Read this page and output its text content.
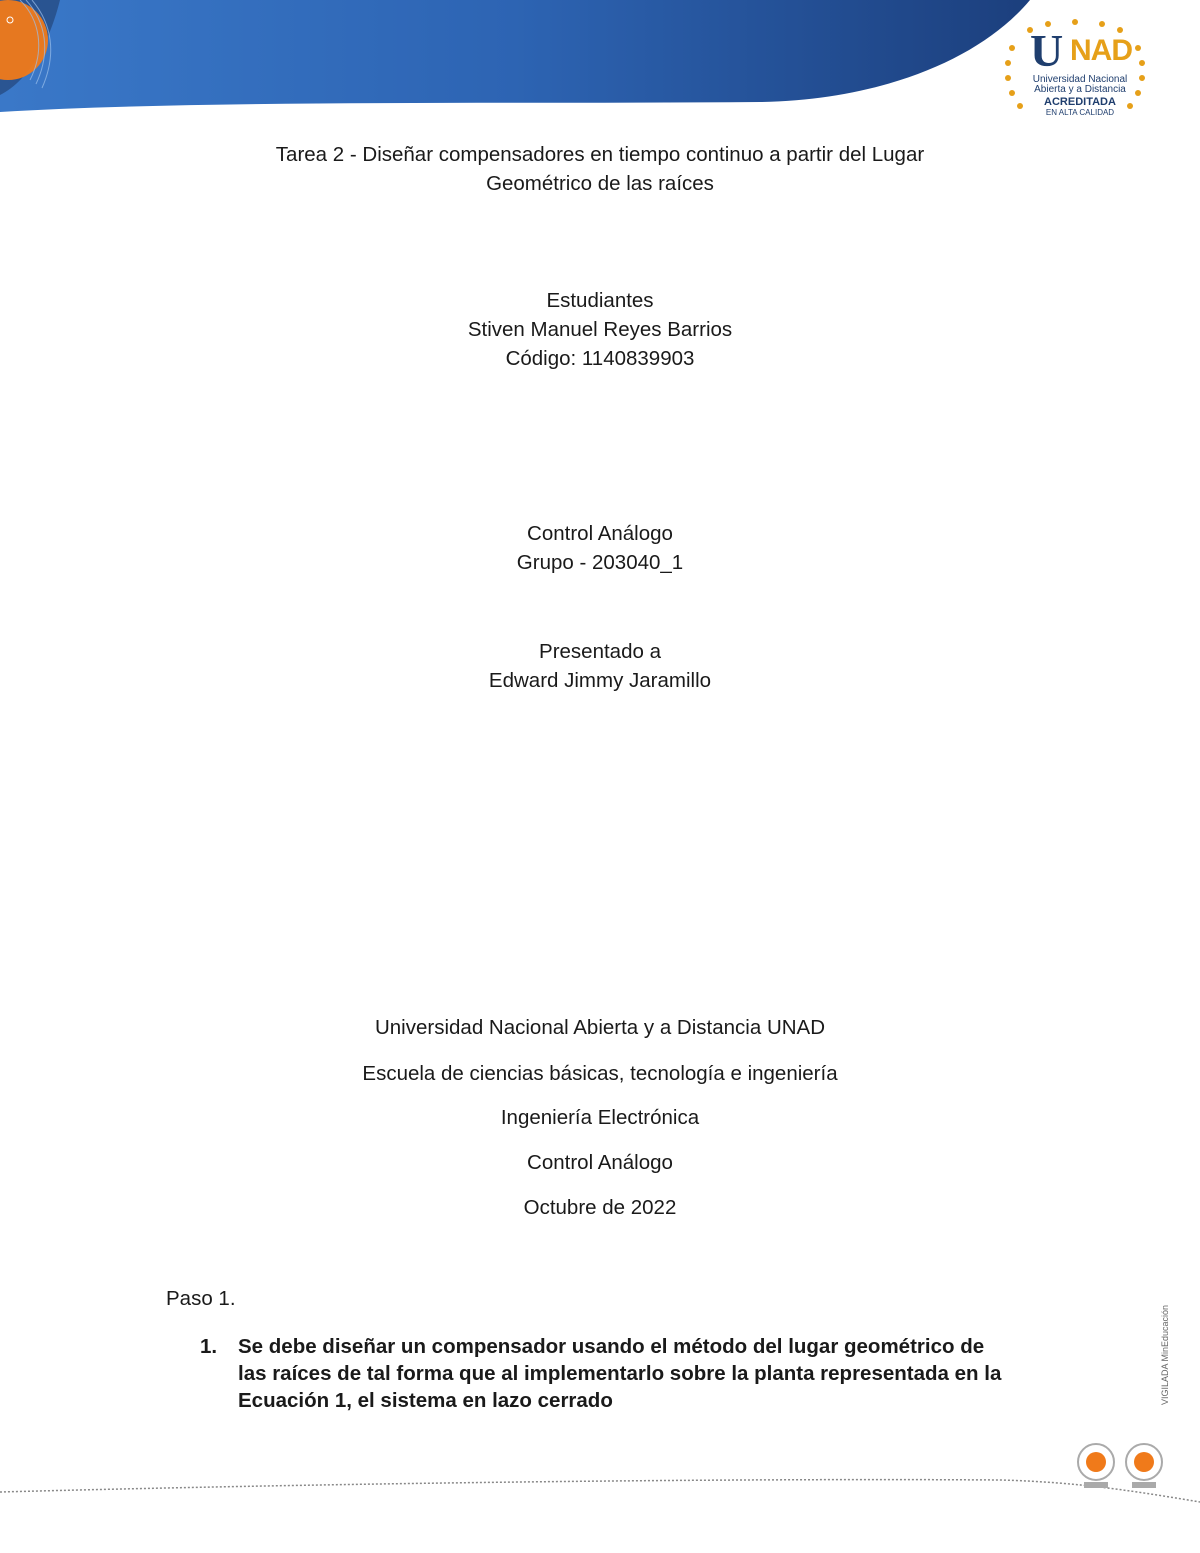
U NAD
Universidad Nacional
Abierta y a Distancia
ACREDITADA
EN ALTA CALIDAD
Tarea 2 - Diseñar compensadores en tiempo continuo a partir del Lugar
Geométrico de las raíces
Estudiantes
Stiven Manuel Reyes Barrios
Código: 1140839903
Control Análogo
Grupo - 203040_1
Presentado a
Edward Jimmy Jaramillo
Universidad Nacional Abierta y a Distancia UNAD
Escuela de ciencias básicas, tecnología e ingeniería
Ingeniería Electrónica
Control Análogo
Octubre de 2022
Paso 1.
1. Se debe diseñar un compensador usando el método del lugar geométrico de las raíces de tal forma que al implementarlo sobre la planta representada en la Ecuación 1, el sistema en lazo cerrado	VIGILADA MinEducación
